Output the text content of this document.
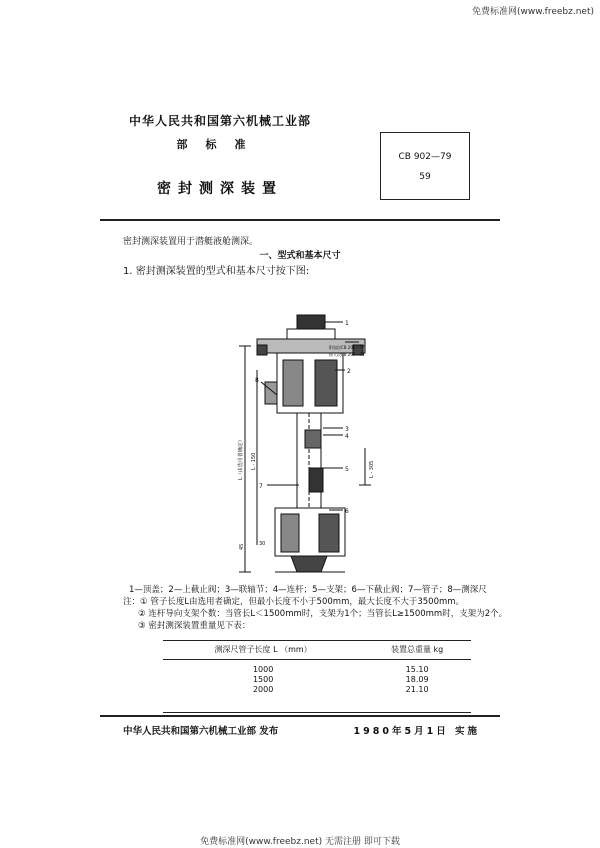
免费标准网(www.freebz.net)
中华人民共和国第六机械工业部
部标准
密封测深装置
CB 902—79
59
密封测深装置用于潜艇液舱测深。
一、型式和基本尺寸
1. 密封测深装置的型式和基本尺寸按下图:
1
2
3
4
5
6
7
8
附加段CB 206—77
接入段CB 207—74
L（由选用者确定） L - 150	L - 305
45	30
1—顶盖；2—上截止阀；3—联轴节；4—连杆；5—支架；6—下截止阀；7—管子；8—测深尺
注：① 管子长度L由选用者确定，但最小长度不小于500mm，最大长度不大于3500mm。
② 连杆导向支架个数：当管长L＜1500mm时，支架为1个；当管长L≥1500mm时，支架为2个。
③ 密封测深装置重量见下表：
测深尺管子长度 L （mm）	装置总重量 kg
1000	15.10
1500	18.09
2000	21.10
中华人民共和国第六机械工业部 发布	1980年5月1日 实施
免费标准网(www.freebz.net) 无需注册 即可下载
